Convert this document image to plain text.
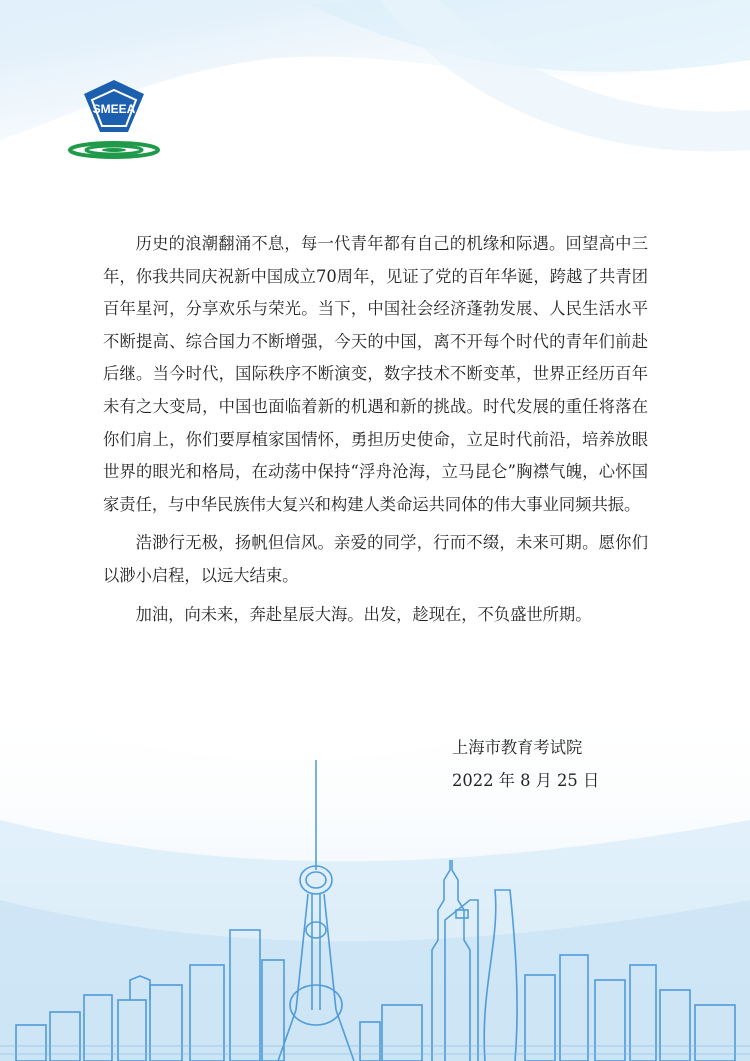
SMEEA

历史的浪潮翻涌不息，每一代青年都有自己的机缘和际遇。回望高中三年，你我共同庆祝新中国成立70周年，见证了党的百年华诞，跨越了共青团百年星河，分享欢乐与荣光。当下，中国社会经济蓬勃发展、人民生活水平不断提高、综合国力不断增强，今天的中国，离不开每个时代的青年们前赴后继。当今时代，国际秩序不断演变，数字技术不断变革，世界正经历百年未有之大变局，中国也面临着新的机遇和新的挑战。时代发展的重任将落在你们肩上，你们要厚植家国情怀，勇担历史使命，立足时代前沿，培养放眼世界的眼光和格局，在动荡中保持“浮舟沧海，立马昆仑”胸襟气魄，心怀国家责任，与中华民族伟大复兴和构建人类命运共同体的伟大事业同频共振。

浩渺行无极，扬帆但信风。亲爱的同学，行而不缀，未来可期。愿你们以渺小启程，以远大结束。

加油，向未来，奔赴星辰大海。出发，趁现在，不负盛世所期。

上海市教育考试院
2022 年 8 月 25 日
